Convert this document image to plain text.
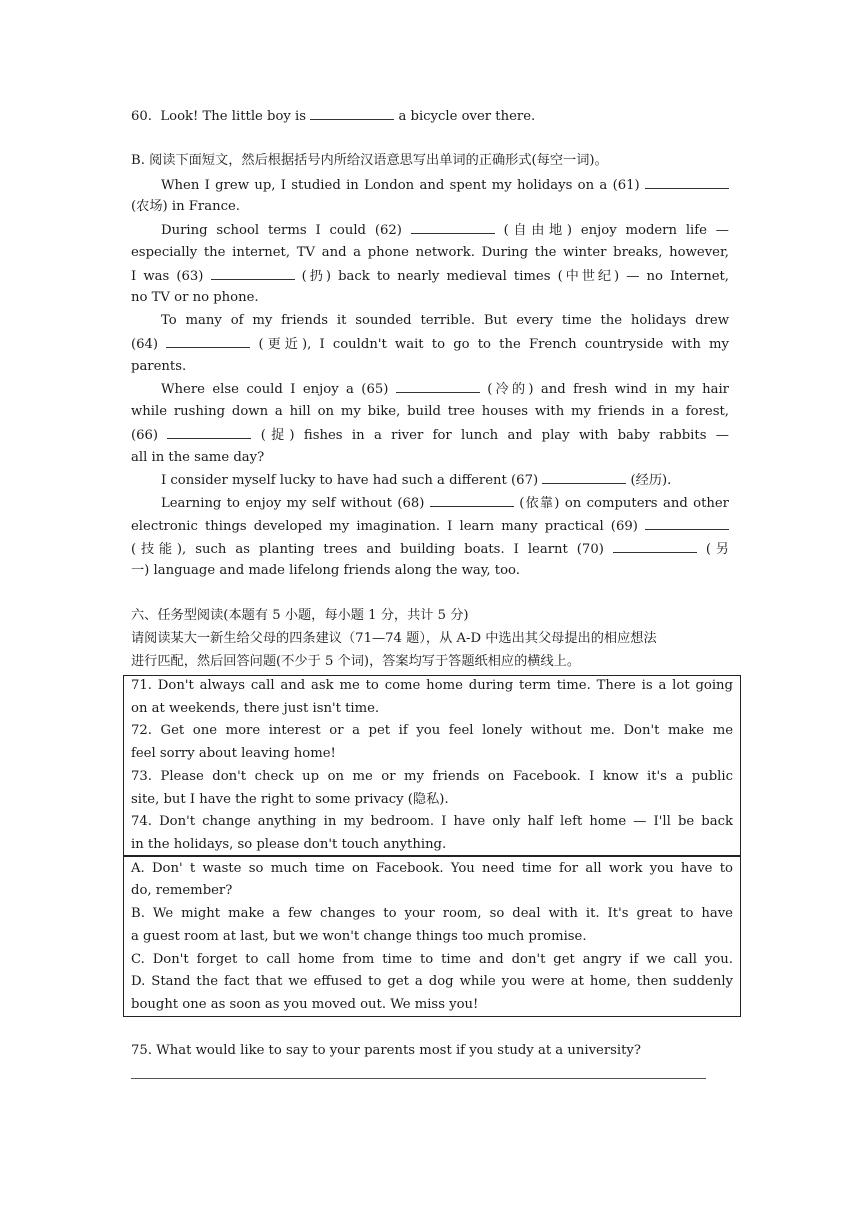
60. Look! The little boy is	a bicycle over there.
B. 阅读下面短文，然后根据括号内所给汉语意思写出单词的正确形式(每空一词)。
When I grew up, I studied in London and spent my holidays on a (61)
(农场) in France.
During school terms I could (62)	(自由地) enjoy modern life —
especially the internet, TV and a phone network. During the winter breaks, however,
I was (63)	(扔) back to nearly medieval times (中世纪) — no Internet,
no TV or no phone.
To many of my friends it sounded terrible. But every time the holidays drew
(64)	(更近), I couldn't wait to go to the French countryside with my
parents.
Where else could I enjoy a (65)	(冷的) and fresh wind in my hair
while rushing down a hill on my bike, build tree houses with my friends in a forest,
(66)	(捉) fishes in a river for lunch and play with baby rabbits —
all in the same day?
I consider myself lucky to have had such a different (67)	(经历).
Learning to enjoy my self without (68)	(依靠) on computers and other
electronic things developed my imagination. I learn many practical (69)
(技能), such as planting trees and building boats. I learnt (70)	(另
一) language and made lifelong friends along the way, too.
六、任务型阅读(本题有 5 小题，每小题 1 分，共计 5 分)
请阅读某大一新生给父母的四条建议（71—74 题），从 A-D 中选出其父母提出的相应想法
进行匹配，然后回答问题(不少于 5 个词)，答案均写于答题纸相应的横线上。
71. Don't always call and ask me to come home during term time. There is a lot going
on at weekends, there just isn't time.
72. Get one more interest or a pet if you feel lonely without me. Don't make me
feel sorry about leaving home!
73. Please don't check up on me or my friends on Facebook. I know it's a public
site, but I have the right to some privacy (隐私).
74. Don't change anything in my bedroom. I have only half left home — I'll be back
in the holidays, so please don't touch anything.
A. Don' t waste so much time on Facebook. You need time for all work you have to
do, remember?
B. We might make a few changes to your room, so deal with it. It's great to have
a guest room at last, but we won't change things too much promise.
C. Don't forget to call home from time to time and don't get angry if we call you.
D. Stand the fact that we effused to get a dog while you were at home, then suddenly
bought one as soon as you moved out. We miss you!
75. What would like to say to your parents most if you study at a university?
